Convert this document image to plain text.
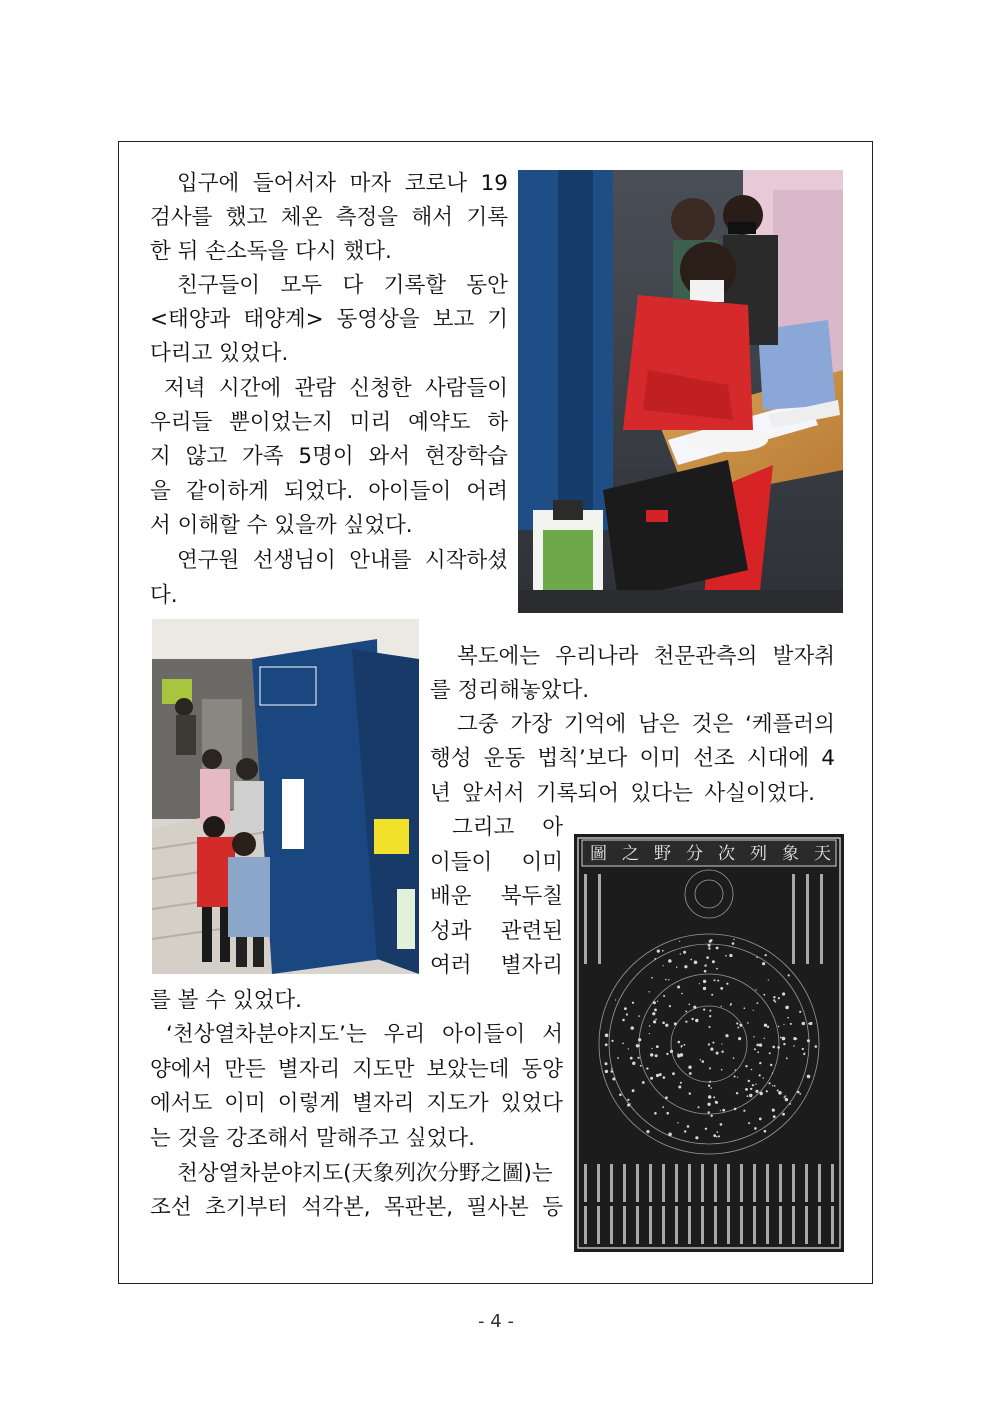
입구에 들어서자 마자 코로나 19
검사를 했고 체온 측정을 해서 기록
한 뒤 손소독을 다시 했다.
친구들이 모두 다 기록할 동안
<태양과 태양계> 동영상을 보고 기
다리고 있었다.
저녁 시간에 관람 신청한 사람들이
우리들 뿐이었는지 미리 예약도 하
지 않고 가족 5명이 와서 현장학습
을 같이하게 되었다. 아이들이 어려
서 이해할 수 있을까 싶었다.
연구원 선생님이 안내를 시작하셨
다.
복도에는 우리나라 천문관측의 발자취
를 정리해놓았다.
그중 가장 기억에 남은 것은 ‘케플러의
행성 운동 법칙’보다 이미 선조 시대에 4
년 앞서서 기록되어 있다는 사실이었다.
그리고 아
이들이 이미
배운 북두칠
성과 관련된
여러 별자리
를 볼 수 있었다.
‘천상열차분야지도’는 우리 아이들이 서
양에서 만든 별자리 지도만 보았는데 동양
에서도 이미 이렇게 별자리 지도가 있었다
는 것을 강조해서 말해주고 싶었다.
천상열차분야지도(天象列次分野之圖)는
조선 초기부터 석각본, 목판본, 필사본 등
圖 之 野 分 次 列 象 天
- 4 -
